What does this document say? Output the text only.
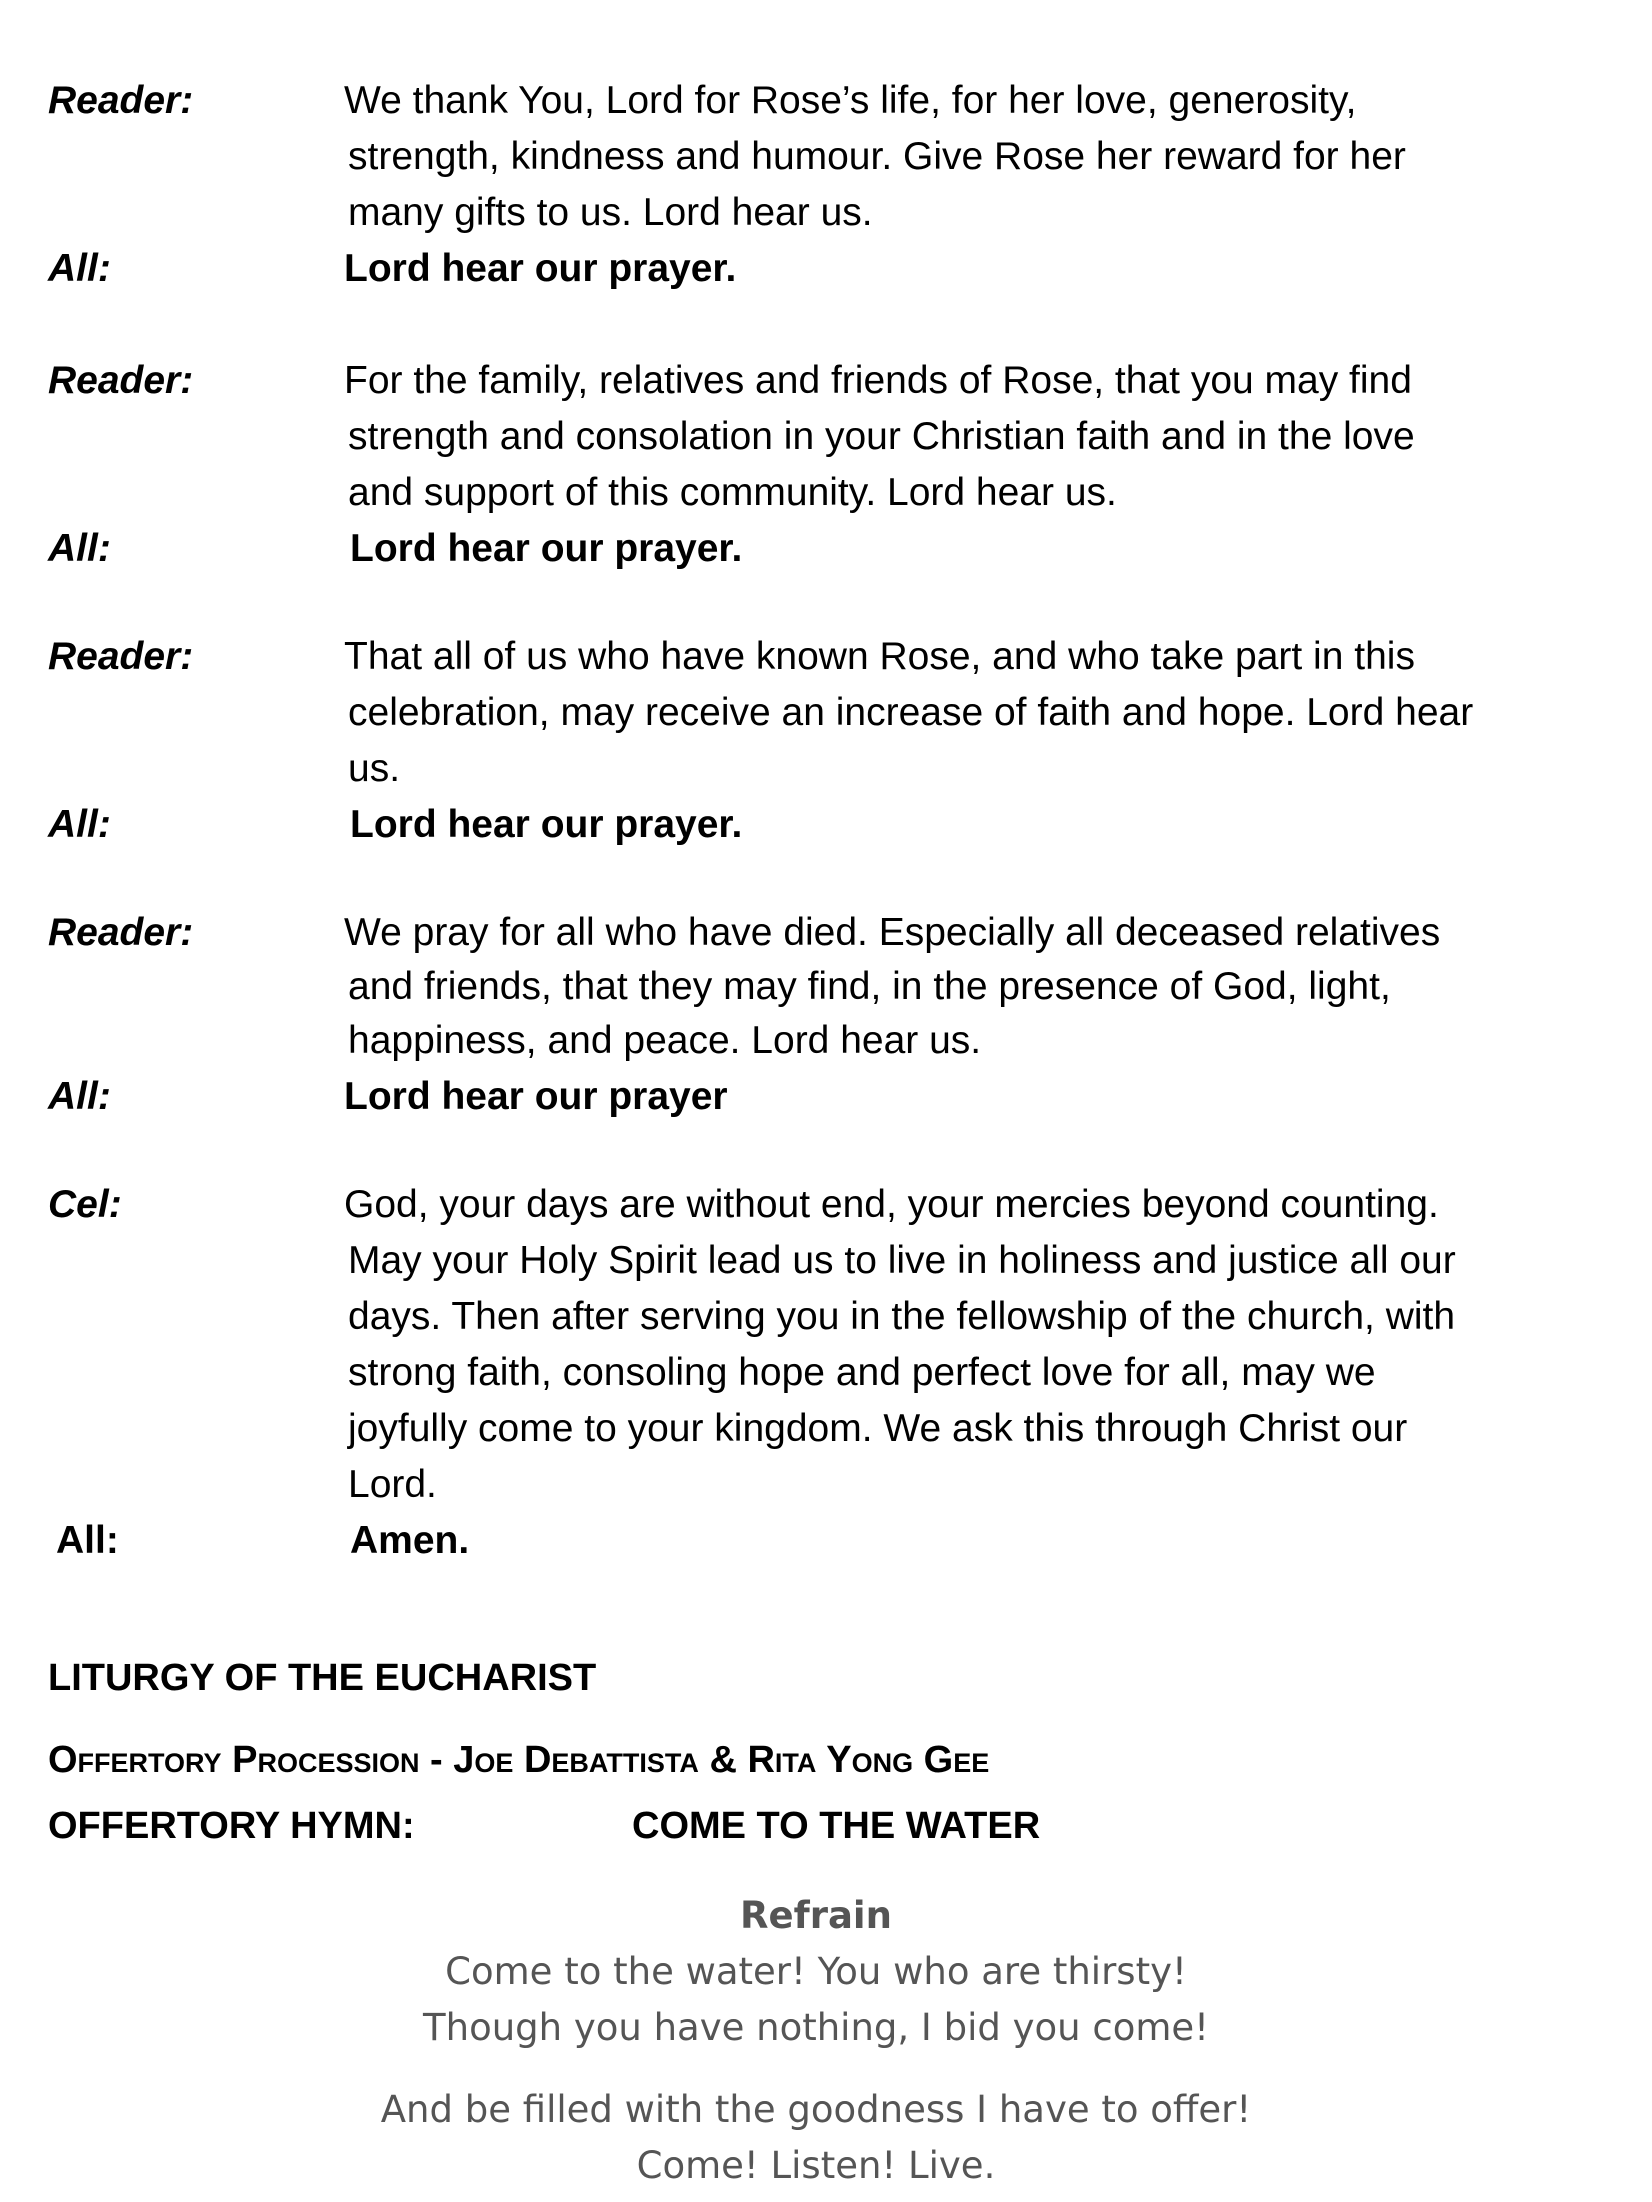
Reader:	We thank You, Lord for Rose’s life, for her love, generosity,
strength, kindness and humour. Give Rose her reward for her
many gifts to us. Lord hear us.
All:	Lord hear our prayer.
Reader:	For the family, relatives and friends of Rose, that you may find
strength and consolation in your Christian faith and in the love
and support of this community. Lord hear us.
All:	Lord hear our prayer.
Reader:	That all of us who have known Rose, and who take part in this
celebration, may receive an increase of faith and hope. Lord hear
us.
All:	Lord hear our prayer.
Reader:	We pray for all who have died. Especially all deceased relatives
and friends, that they may find, in the presence of God, light,
happiness, and peace. Lord hear us.
All:	Lord hear our prayer
Cel:	God, your days are without end, your mercies beyond counting.
May your Holy Spirit lead us to live in holiness and justice all our
days. Then after serving you in the fellowship of the church, with
strong faith, consoling hope and perfect love for all, may we
joyfully come to your kingdom. We ask this through Christ our
Lord.
All:	Amen.
LITURGY OF THE EUCHARIST
Offertory Procession - Joe Debattista & Rita Yong Gee
OFFERTORY HYMN:	COME TO THE WATER
Refrain
Come to the water! You who are thirsty!
Though you have nothing, I bid you come!
And be filled with the goodness I have to offer!
Come! Listen! Live.
